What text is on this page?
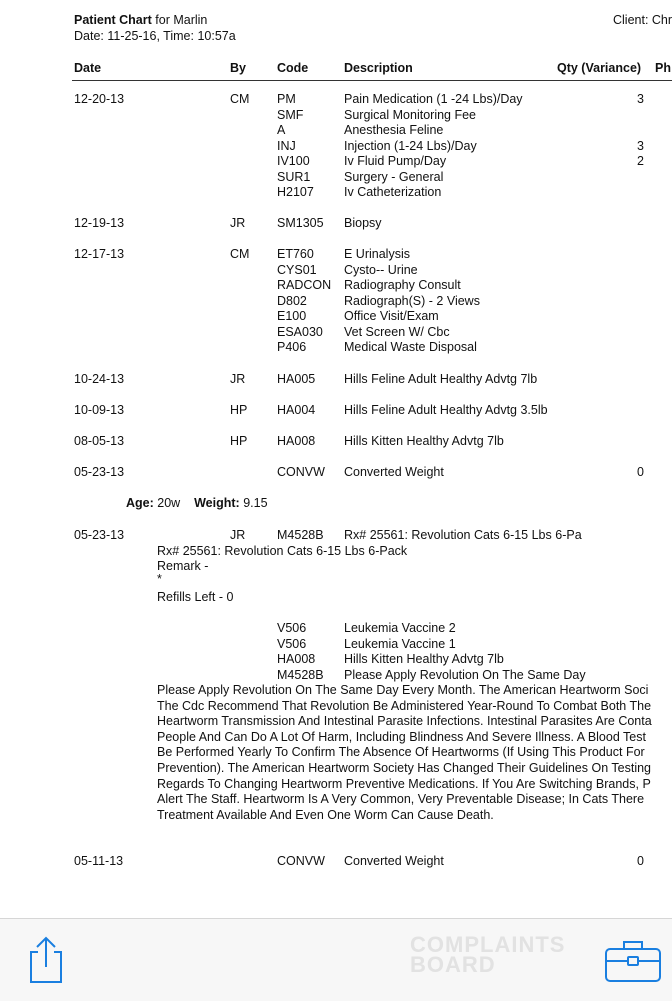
Patient Chart for Marlin
Date: 11-25-16, Time: 10:57a
Client: Chr
Date	By Code	Description	Qty (Variance) Ph
12-20-13	CM PM	Pain Medication (1 -24 Lbs)/Day	3
SMF	Surgical Monitoring Fee
A	Anesthesia Feline
INJ	Injection (1-24 Lbs)/Day	3
IV100	Iv Fluid Pump/Day	2
SUR1	Surgery - General
H2107 Iv Catheterization
12-19-13	JR	SM1305 Biopsy
12-17-13	CM ET760 E Urinalysis
CYS01 Cysto-- Urine
RADCON Radiography Consult
D802	Radiograph(S) - 2 Views
E100	Office Visit/Exam
ESA030 Vet Screen W/ Cbc
P406	Medical Waste Disposal
10-24-13	JR	HA005 Hills Feline Adult Healthy Advtg 7lb
10-09-13	HP HA004 Hills Feline Adult Healthy Advtg 3.5lb
08-05-13	HP HA008 Hills Kitten Healthy Advtg 7lb
05-23-13	CONVW Converted Weight	0
Age: 20w Weight: 9.15
05-23-13	JR	M4528B Rx# 25561: Revolution Cats 6-15 Lbs 6-Pa
Rx# 25561: Revolution Cats 6-15 Lbs 6-Pack
Remark -
*
Refills Left - 0
V506	Leukemia Vaccine 2
V506	Leukemia Vaccine 1
HA008 Hills Kitten Healthy Advtg 7lb
M4528B Please Apply Revolution On The Same Day
Please Apply Revolution On The Same Day Every Month. The American Heartworm Soci
The Cdc Recommend That Revolution Be Administered Year-Round To Combat Both The
Heartworm Transmission And Intestinal Parasite Infections. Intestinal Parasites Are Conta
People And Can Do A Lot Of Harm, Including Blindness And Severe Illness. A Blood Test
Be Performed Yearly To Confirm The Absence Of Heartworms (If Using This Product For
Prevention). The American Heartworm Society Has Changed Their Guidelines On Testing
Regards To Changing Heartworm Preventive Medications. If You Are Switching Brands, P
Alert The Staff. Heartworm Is A Very Common, Very Preventable Disease; In Cats There
Treatment Available And Even One Worm Can Cause Death.
05-11-13	CONVW Converted Weight	0
COMPLAINTS
BOARD
